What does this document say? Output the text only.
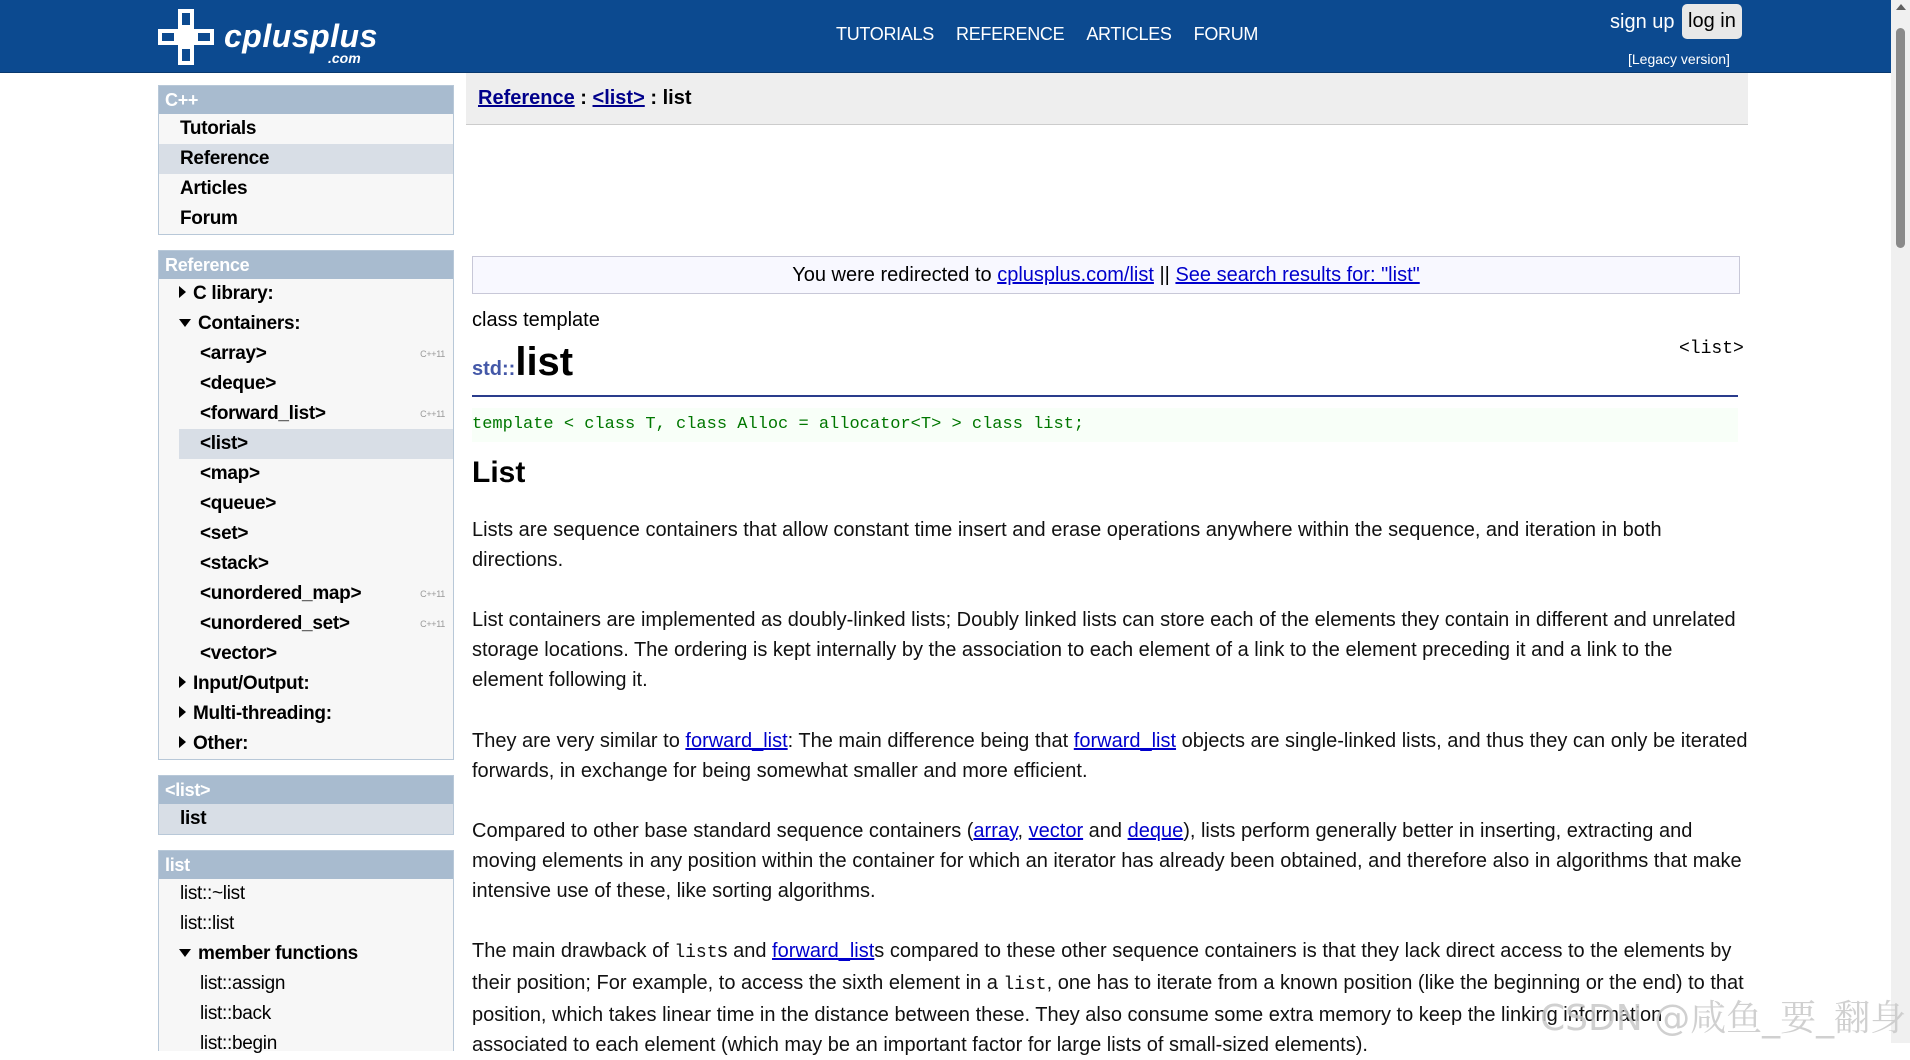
cplusplus
.com
TUTORIALS REFERENCE ARTICLES FORUM
sign up log in
[Legacy version]
C++
Tutorials
Reference
Articles
Forum
Reference
C library:
Containers:
<array>	C++11
<deque>
<forward_list>	C++11
<list>
<map>
<queue>
<set>
<stack>
<unordered_map>	C++11
<unordered_set>	C++11
<vector>
Input/Output:
Multi-threading:
Other:
<list>
list
list
list::~list
list::list
member functions
list::assign
list::back
list::begin
Reference : <list> : list
You were redirected to cplusplus.com/list || See search results for: "list"
class template
<list>
std::list
template < class T, class Alloc = allocator<T> > class list;
List
Lists are sequence containers that allow constant time insert and erase operations anywhere within the sequence, and iteration in both directions.
List containers are implemented as doubly-linked lists; Doubly linked lists can store each of the elements they contain in different and unrelated storage locations. The ordering is kept internally by the association to each element of a link to the element preceding it and a link to the element following it.
They are very similar to forward_list: The main difference being that forward_list objects are single-linked lists, and thus they can only be iterated forwards, in exchange for being somewhat smaller and more efficient.
Compared to other base standard sequence containers (array, vector and deque), lists perform generally better in inserting, extracting and moving elements in any position within the container for which an iterator has already been obtained, and therefore also in algorithms that make intensive use of these, like sorting algorithms.
The main drawback of lists and forward_lists compared to these other sequence containers is that they lack direct access to the elements by their position; For example, to access the sixth element in a list, one has to iterate from a known position (like the beginning or the end) to that position, which takes linear time in the distance between these. They also consume some extra memory to keep the linking information associated to each element (which may be an important factor for large lists of small-sized elements).
CSDN @咸鱼_要_翻身
